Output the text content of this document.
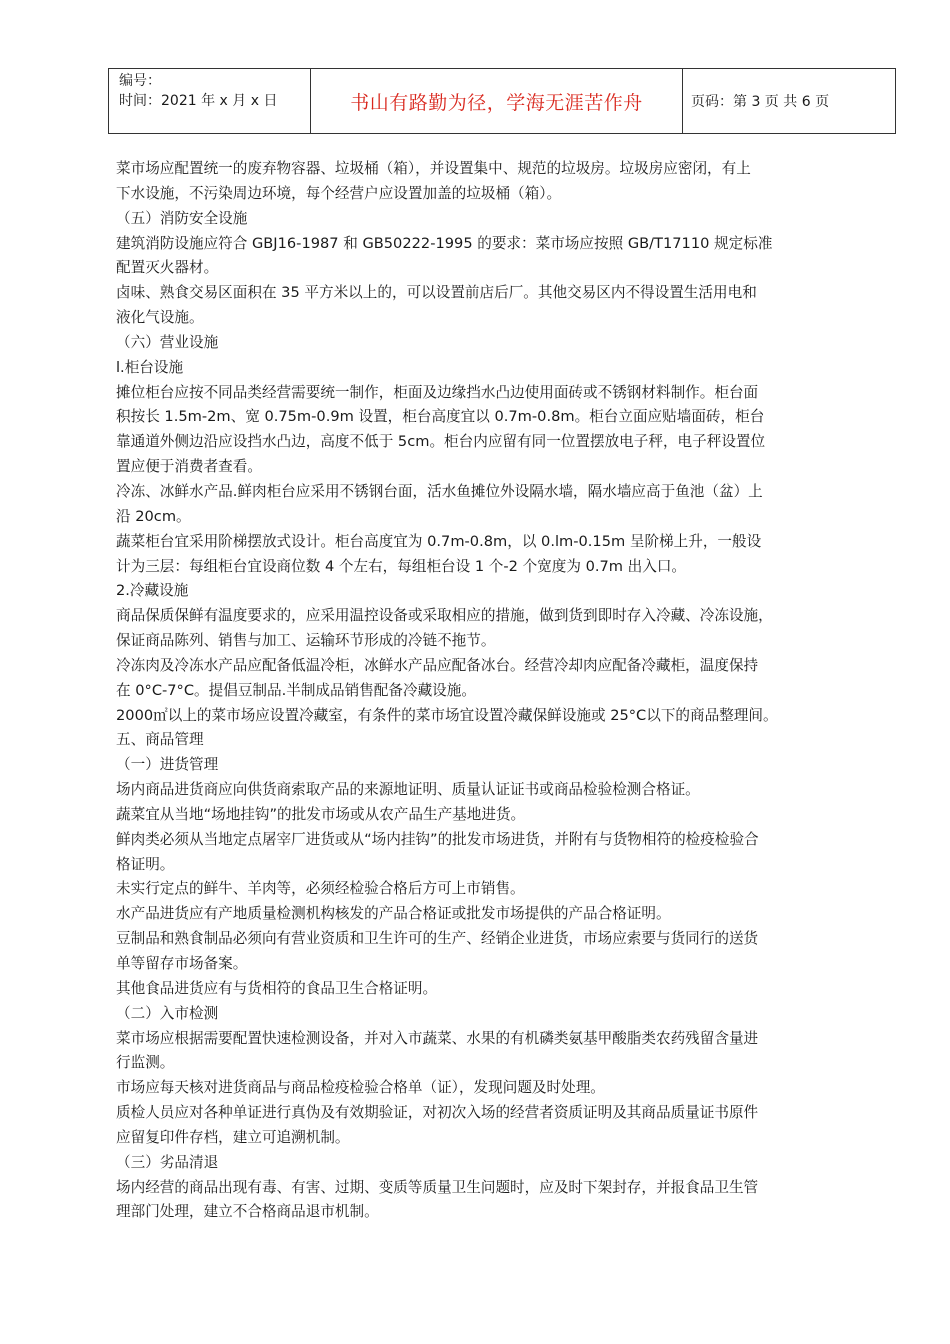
编号：
时间：2021 年 x 月 x 日	书山有路勤为径，学海无涯苦作舟	页码：第 3 页 共 6 页
菜市场应配置统一的废弃物容器、垃圾桶（箱），并设置集中、规范的垃圾房。垃圾房应密闭，有上
下水设施，不污染周边环境，每个经营户应设置加盖的垃圾桶（箱）。
（五）消防安全设施
建筑消防设施应符合 GBJ16-1987 和 GB50222-1995 的要求：菜市场应按照 GB/T17110 规定标准
配置灭火器材。
卤味、熟食交易区面积在 35 平方米以上的，可以设置前店后厂。其他交易区内不得设置生活用电和
液化气设施。
（六）营业设施
l.柜台设施
摊位柜台应按不同品类经营需要统一制作，柜面及边缘挡水凸边使用面砖或不锈钢材料制作。柜台面
积按长 1.5m-2m、宽 0.75m-0.9m 设置，柜台高度宜以 0.7m-0.8m。柜台立面应贴墙面砖，柜台
靠通道外侧边沿应设挡水凸边，高度不低于 5cm。柜台内应留有同一位置摆放电子秤，电子秤设置位
置应便于消费者查看。
冷冻、冰鲜水产品.鲜肉柜台应采用不锈钢台面，活水鱼摊位外设隔水墙，隔水墙应高于鱼池（盆）上
沿 20cm。
蔬菜柜台宜采用阶梯摆放式设计。柜台高度宜为 0.7m-0.8m，以 0.lm-0.15m 呈阶梯上升，一般设
计为三层：每组柜台宜设商位数 4 个左右，每组柜台设 1 个-2 个宽度为 0.7m 出入口。
2.冷藏设施
商品保质保鲜有温度要求的，应采用温控设备或采取相应的措施，做到货到即时存入冷藏、冷冻设施，
保证商品陈列、销售与加工、运输环节形成的冷链不拖节。
冷冻肉及冷冻水产品应配备低温冷柜，冰鲜水产品应配备冰台。经营冷却肉应配备冷藏柜，温度保持
在 0°C-7°C。提倡豆制品.半制成品销售配备冷藏设施。
2000㎡以上的菜市场应设置冷藏室，有条件的菜市场宜设置冷藏保鲜设施或 25°C以下的商品整理间。
五、商品管理
（一）进货管理
场内商品进货商应向供货商索取产品的来源地证明、质量认证证书或商品检验检测合格证。
蔬菜宜从当地“场地挂钩”的批发市场或从农产品生产基地进货。
鲜肉类必须从当地定点屠宰厂进货或从“场内挂钩”的批发市场进货，并附有与货物相符的检疫检验合
格证明。
未实行定点的鲜牛、羊肉等，必须经检验合格后方可上市销售。
水产品进货应有产地质量检测机构核发的产品合格证或批发市场提供的产品合格证明。
豆制品和熟食制品必须向有营业资质和卫生许可的生产、经销企业进货，市场应索要与货同行的送货
单等留存市场备案。
其他食品进货应有与货相符的食品卫生合格证明。
（二）入市检测
菜市场应根据需要配置快速检测设备，并对入市蔬菜、水果的有机磷类氨基甲酸脂类农药残留含量进
行监测。
市场应每天核对进货商品与商品检疫检验合格单（证），发现问题及时处理。
质检人员应对各种单证进行真伪及有效期验证，对初次入场的经营者资质证明及其商品质量证书原件
应留复印件存档，建立可追溯机制。
（三）劣品清退
场内经营的商品出现有毒、有害、过期、变质等质量卫生问题时，应及时下架封存，并报食品卫生管
理部门处理，建立不合格商品退市机制。
